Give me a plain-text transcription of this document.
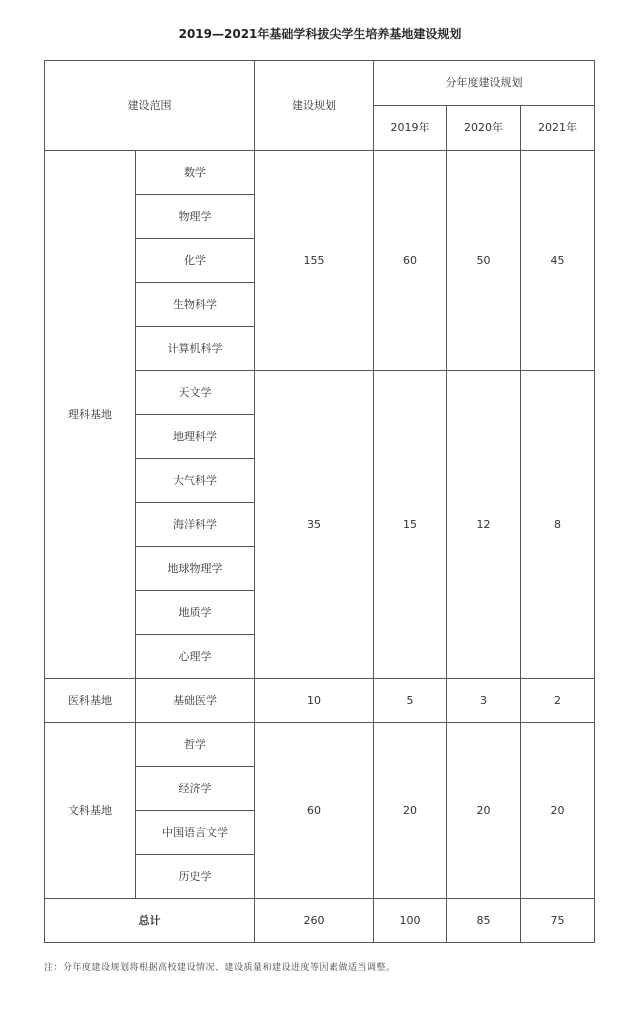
2019—2021年基础学科拔尖学生培养基地建设规划
建设范围		建设规划	分年度建设规划		
			2019年	2020年	2021年
理科基地	数学	155	60	50	45
	物理学				
	化学				
	生物科学				
	计算机科学				
	天文学	35	15	12	8
	地理科学				
	大气科学				
	海洋科学				
	地球物理学				
	地质学				
	心理学				
医科基地	基础医学	10	5	3	2
文科基地	哲学	60	20	20	20
	经济学				
	中国语言文学				
	历史学				
总计		260	100	85	75
注：分年度建设规划将根据高校建设情况、建设质量和建设进度等因素做适当调整。
